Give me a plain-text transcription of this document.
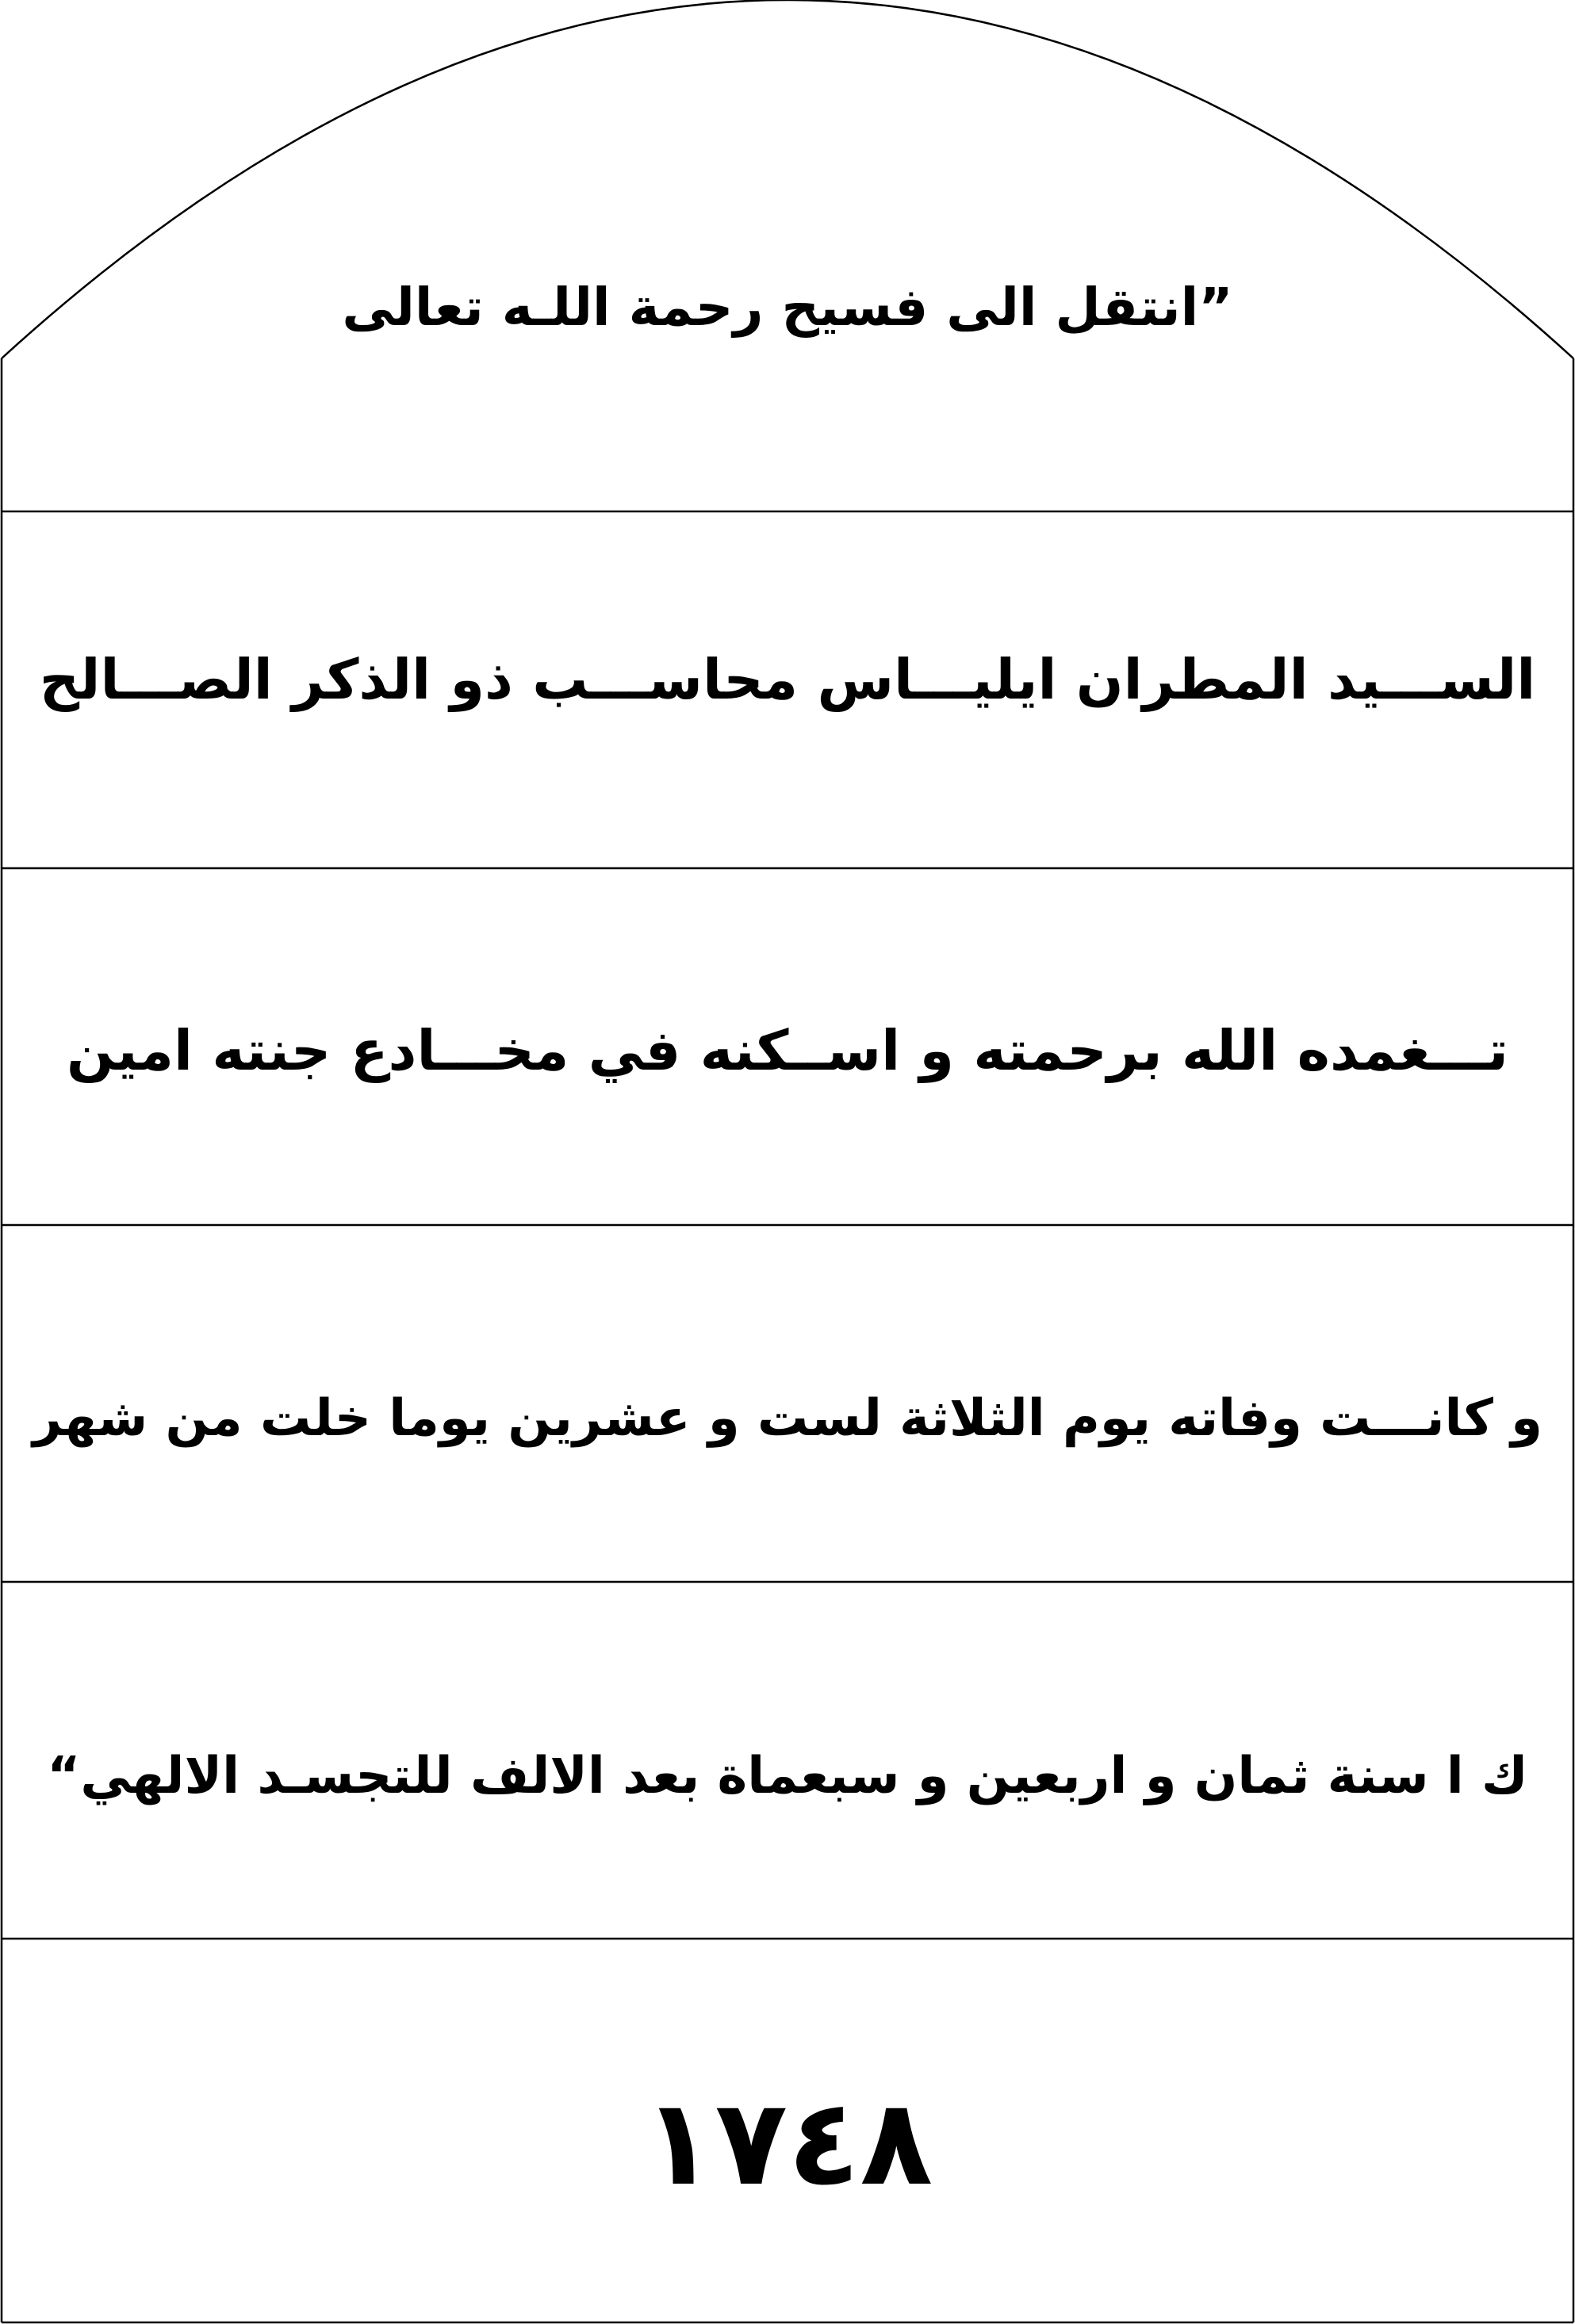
”انتقل الى فسيح رحمة اللـه تعالى
الســـيد المطران ايليـــاس محاســـب ذو الذكر الصـــالح
تـــغمده الله برحمته و اســكنه في مخـــادع جنته امين
و كانـــت وفاته يوم الثلاثة لست و عشرين يوما خلت من شهر
ك ا سنة ثمان و اربعين و سبعماة بعد الالف للتجسـد الالهي“
١٧٤٨
